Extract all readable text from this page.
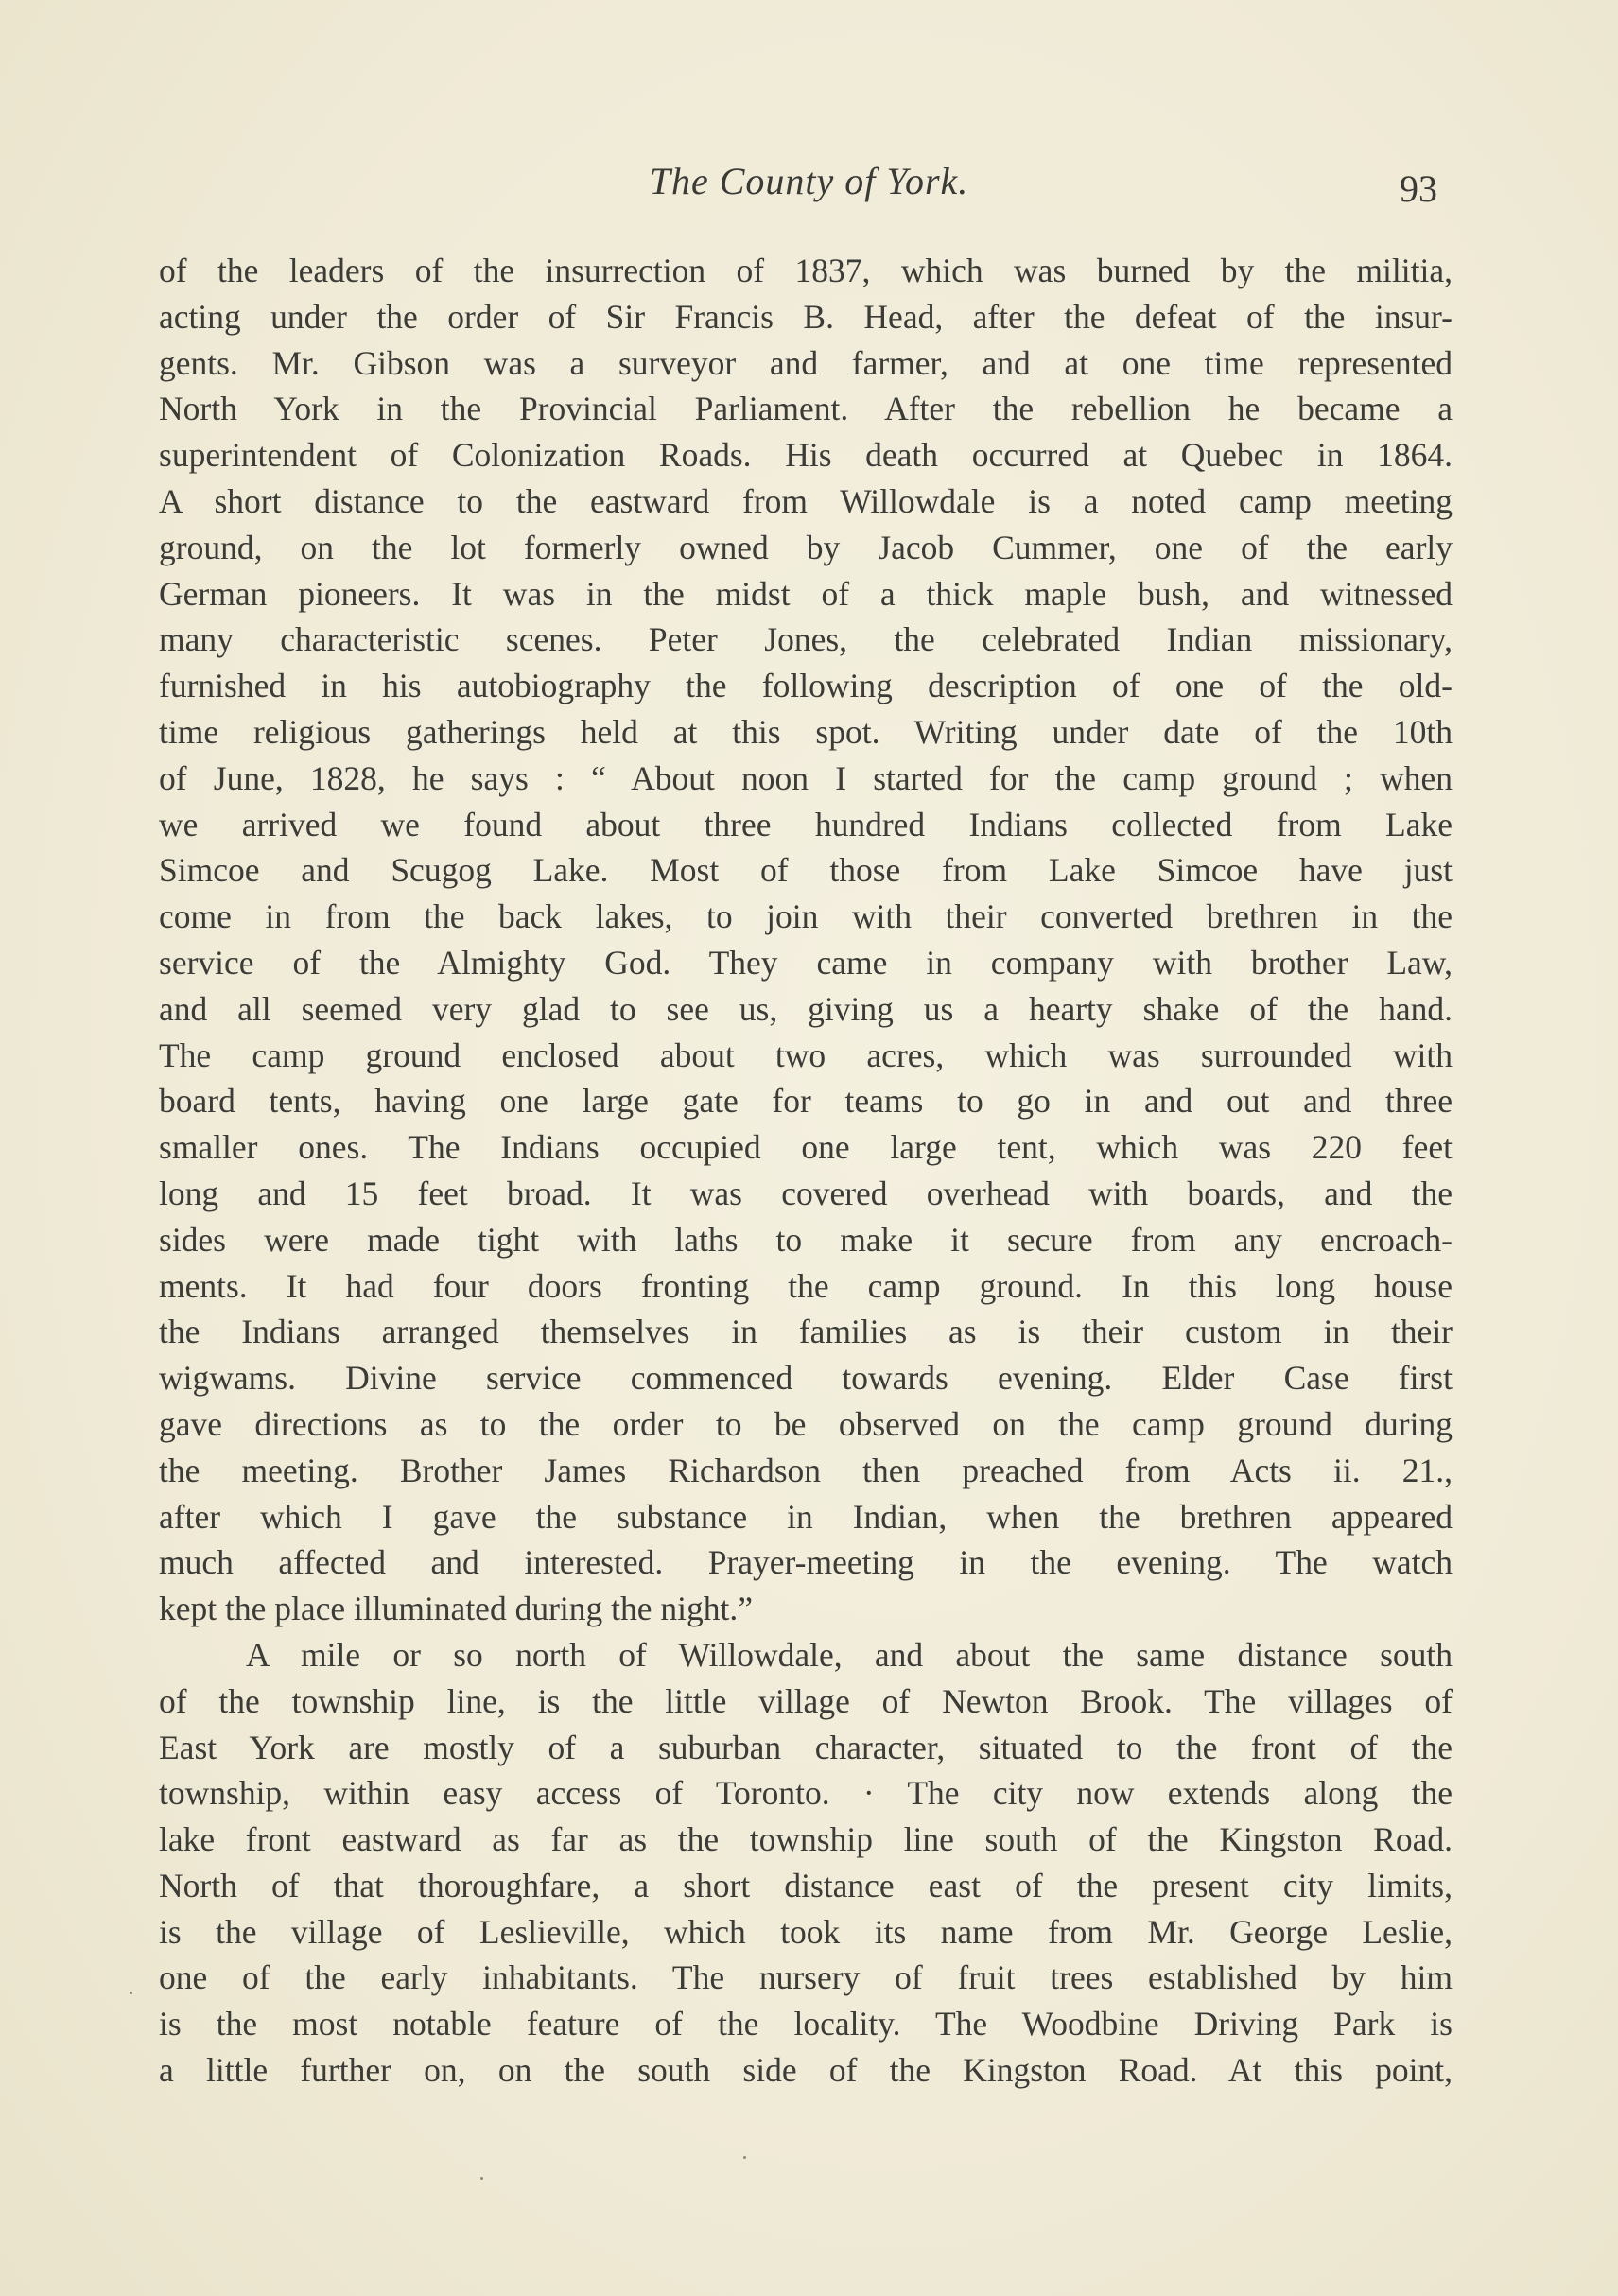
The County of York.	93
of the leaders of the insurrection of 1837, which was burned by the militia,
acting under the order of Sir Francis B. Head, after the defeat of the insur-
gents. Mr. Gibson was a surveyor and farmer, and at one time represented
North York in the Provincial Parliament. After the rebellion he became a
superintendent of Colonization Roads. His death occurred at Quebec in 1864.
A short distance to the eastward from Willowdale is a noted camp meeting
ground, on the lot formerly owned by Jacob Cummer, one of the early
German pioneers. It was in the midst of a thick maple bush, and witnessed
many characteristic scenes. Peter Jones, the celebrated Indian missionary,
furnished in his autobiography the following description of one of the old-
time religious gatherings held at this spot. Writing under date of the 10th
of June, 1828, he says : “ About noon I started for the camp ground ; when
we arrived we found about three hundred Indians collected from Lake
Simcoe and Scugog Lake. Most of those from Lake Simcoe have just
come in from the back lakes, to join with their converted brethren in the
service of the Almighty God. They came in company with brother Law,
and all seemed very glad to see us, giving us a hearty shake of the hand.
The camp ground enclosed about two acres, which was surrounded with
board tents, having one large gate for teams to go in and out and three
smaller ones. The Indians occupied one large tent, which was 220 feet
long and 15 feet broad. It was covered overhead with boards, and the
sides were made tight with laths to make it secure from any encroach-
ments. It had four doors fronting the camp ground. In this long house
the Indians arranged themselves in families as is their custom in their
wigwams. Divine service commenced towards evening. Elder Case first
gave directions as to the order to be observed on the camp ground during
the meeting. Brother James Richardson then preached from Acts ii. 21.,
after which I gave the substance in Indian, when the brethren appeared
much affected and interested. Prayer-meeting in the evening. The watch
kept the place illuminated during the night.”
A mile or so north of Willowdale, and about the same distance south
of the township line, is the little village of Newton Brook. The villages of
East York are mostly of a suburban character, situated to the front of the
township, within easy access of Toronto. · The city now extends along the
lake front eastward as far as the township line south of the Kingston Road.
North of that thoroughfare, a short distance east of the present city limits,
is the village of Leslieville, which took its name from Mr. George Leslie,
one of the early inhabitants. The nursery of fruit trees established by him
is the most notable feature of the locality. The Woodbine Driving Park is
a little further on, on the south side of the Kingston Road. At this point,
